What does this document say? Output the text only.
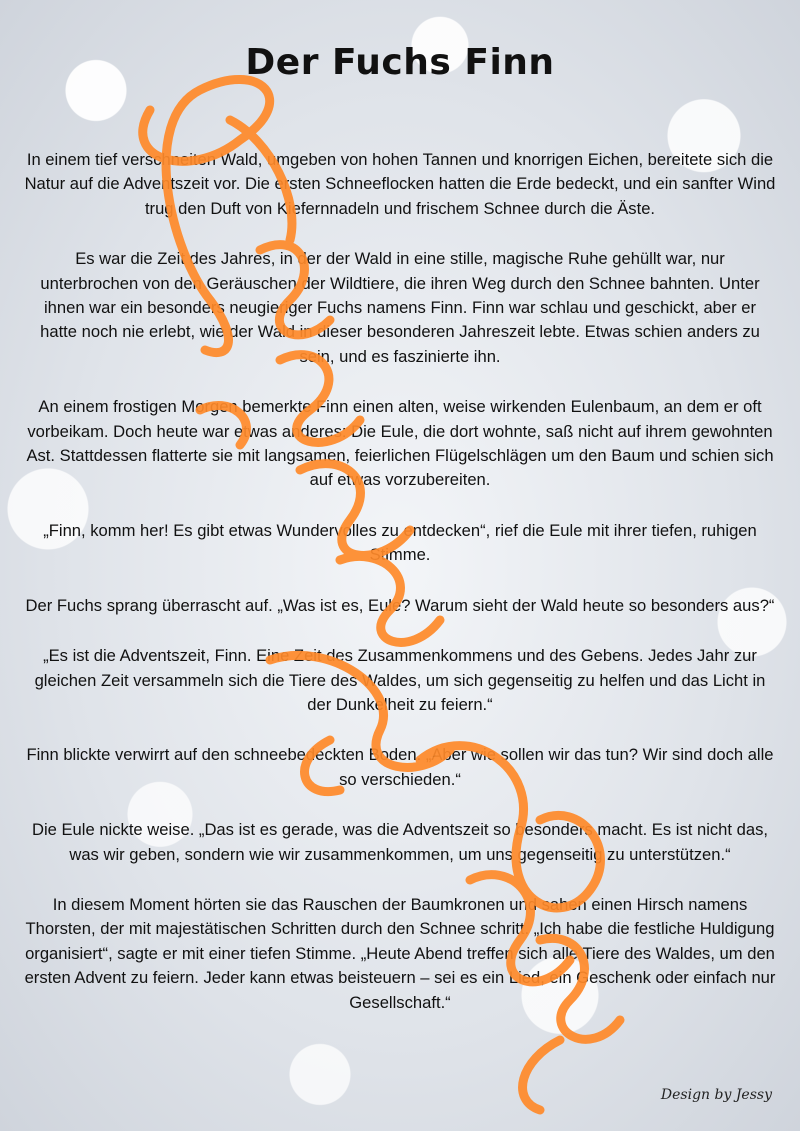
Der Fuchs Finn

In einem tief verschneiten Wald, umgeben von hohen Tannen und knorrigen Eichen, bereitete sich die Natur auf die Adventszeit vor. Die ersten Schneeflocken hatten die Erde bedeckt, und ein sanfter Wind trug den Duft von Kiefernnadeln und frischem Schnee durch die Äste.

Es war die Zeit des Jahres, in der der Wald in eine stille, magische Ruhe gehüllt war, nur unterbrochen von den Geräuschen der Wildtiere, die ihren Weg durch den Schnee bahnten. Unter ihnen war ein besonders neugieriger Fuchs namens Finn. Finn war schlau und geschickt, aber er hatte noch nie erlebt, wie der Wald in dieser besonderen Jahreszeit lebte. Etwas schien anders zu sein, und es faszinierte ihn.

An einem frostigen Morgen bemerkte Finn einen alten, weise wirkenden Eulenbaum, an dem er oft vorbeikam. Doch heute war etwas anderes: Die Eule, die dort wohnte, saß nicht auf ihrem gewohnten Ast. Stattdessen flatterte sie mit langsamen, feierlichen Flügelschlägen um den Baum und schien sich auf etwas vorzubereiten.

„Finn, komm her! Es gibt etwas Wundervolles zu entdecken“, rief die Eule mit ihrer tiefen, ruhigen Stimme.

Der Fuchs sprang überrascht auf. „Was ist es, Eule? Warum sieht der Wald heute so besonders aus?“

„Es ist die Adventszeit, Finn. Eine Zeit des Zusammenkommens und des Gebens. Jedes Jahr zur gleichen Zeit versammeln sich die Tiere des Waldes, um sich gegenseitig zu helfen und das Licht in der Dunkelheit zu feiern.“

Finn blickte verwirrt auf den schneebedeckten Boden. „Aber wie sollen wir das tun? Wir sind doch alle so verschieden.“

Die Eule nickte weise. „Das ist es gerade, was die Adventszeit so besonders macht. Es ist nicht das, was wir geben, sondern wie wir zusammenkommen, um uns gegenseitig zu unterstützen.“

In diesem Moment hörten sie das Rauschen der Baumkronen und sahen einen Hirsch namens Thorsten, der mit majestätischen Schritten durch den Schnee schritt. „Ich habe die festliche Huldigung organisiert“, sagte er mit einer tiefen Stimme. „Heute Abend treffen sich alle Tiere des Waldes, um den ersten Advent zu feiern. Jeder kann etwas beisteuern – sei es ein Lied, ein Geschenk oder einfach nur Gesellschaft.“

Design by Jessy
